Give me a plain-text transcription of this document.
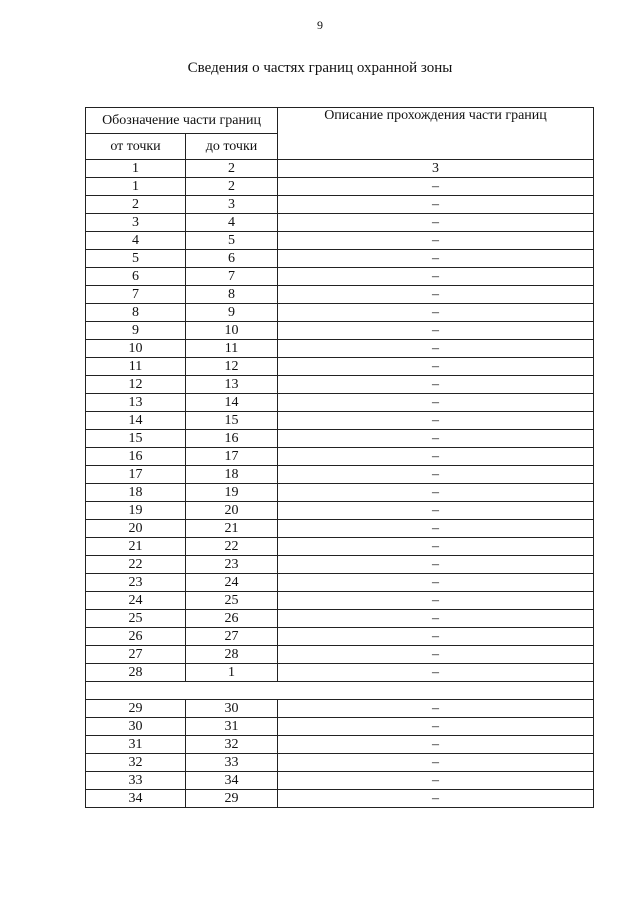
9
Сведения о частях границ охранной зоны
Обозначение части границ		Описание прохождения части границ
от точки	до точки	
1	2	3
1	2	–
2	3	–
3	4	–
4	5	–
5	6	–
6	7	–
7	8	–
8	9	–
9	10	–
10	11	–
11	12	–
12	13	–
13	14	–
14	15	–
15	16	–
16	17	–
17	18	–
18	19	–
19	20	–
20	21	–
21	22	–
22	23	–
23	24	–
24	25	–
25	26	–
26	27	–
27	28	–
28	1	–

29	30	–
30	31	–
31	32	–
32	33	–
33	34	–
34	29	–
